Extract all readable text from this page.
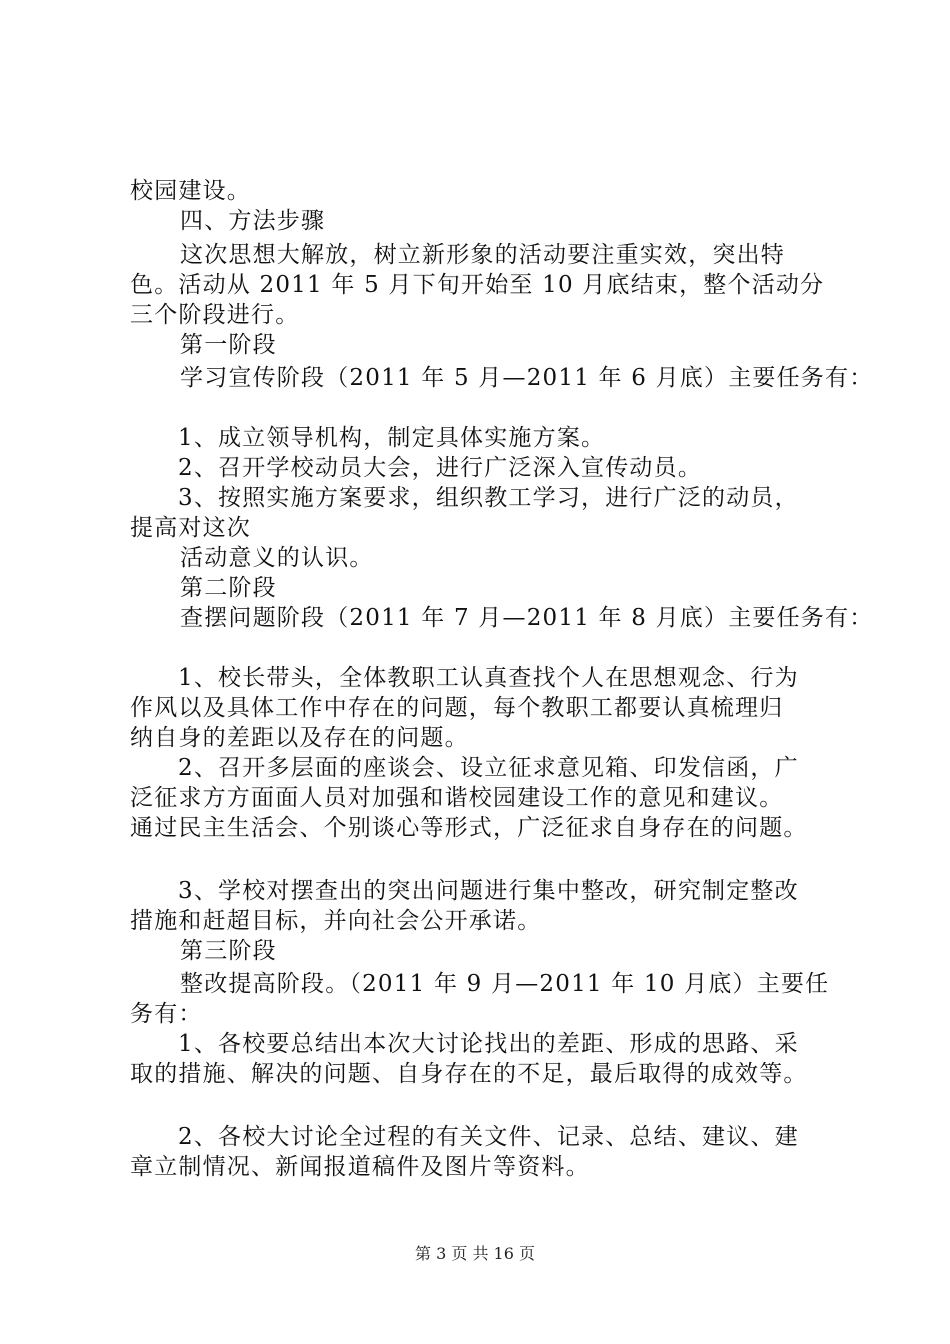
校园建设。
四、方法步骤
这次思想大解放，树立新形象的活动要注重实效，突出特
色。活动从 2011 年 5 月下旬开始至 10 月底结束，整个活动分
三个阶段进行。
第一阶段
学习宣传阶段（2011 年 5 月—2011 年 6 月底）主要任务有：
1、成立领导机构，制定具体实施方案。
2、召开学校动员大会，进行广泛深入宣传动员。
3、按照实施方案要求，组织教工学习，进行广泛的动员，
提高对这次
活动意义的认识。
第二阶段
查摆问题阶段（2011 年 7 月—2011 年 8 月底）主要任务有：
1、校长带头，全体教职工认真查找个人在思想观念、行为
作风以及具体工作中存在的问题，每个教职工都要认真梳理归
纳自身的差距以及存在的问题。
2、召开多层面的座谈会、设立征求意见箱、印发信函，广
泛征求方方面面人员对加强和谐校园建设工作的意见和建议。
通过民主生活会、个别谈心等形式，广泛征求自身存在的问题。
3、学校对摆查出的突出问题进行集中整改，研究制定整改
措施和赶超目标，并向社会公开承诺。
第三阶段
整改提高阶段。（2011 年 9 月—2011 年 10 月底）主要任
务有：
1、各校要总结出本次大讨论找出的差距、形成的思路、采
取的措施、解决的问题、自身存在的不足，最后取得的成效等。
2、各校大讨论全过程的有关文件、记录、总结、建议、建
章立制情况、新闻报道稿件及图片等资料。
第 3 页 共 16 页
